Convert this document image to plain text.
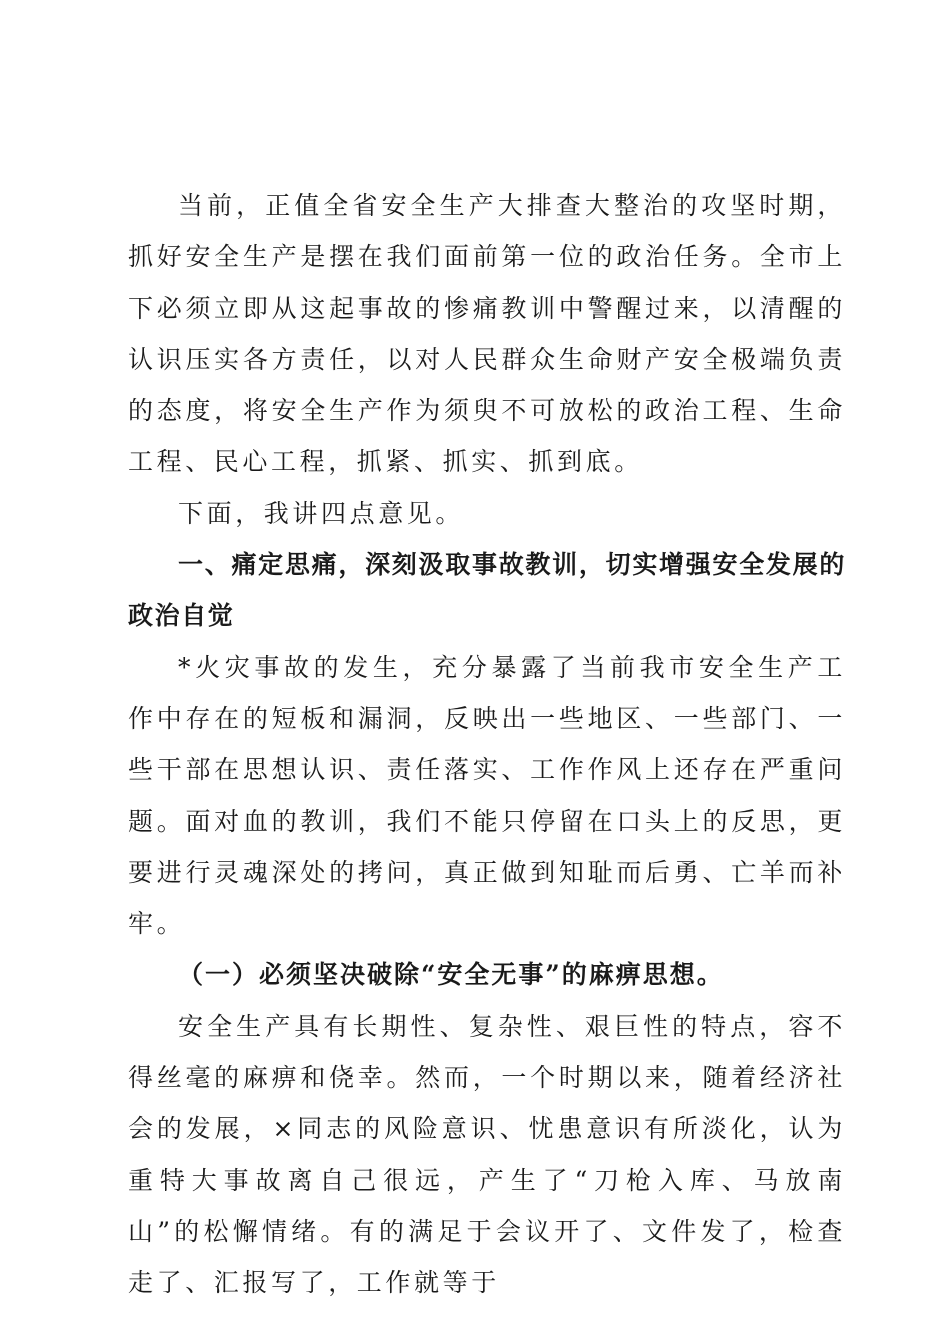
当前，正值全省安全生产大排查大整治的攻坚时期，抓好安全生产是摆在我们面前第一位的政治任务。全市上下必须立即从这起事故的惨痛教训中警醒过来，以清醒的认识压实各方责任，以对人民群众生命财产安全极端负责的态度，将安全生产作为须臾不可放松的政治工程、生命工程、民心工程，抓紧、抓实、抓到底。

下面，我讲四点意见。

一、痛定思痛，深刻汲取事故教训，切实增强安全发展的政治自觉

*火灾事故的发生，充分暴露了当前我市安全生产工作中存在的短板和漏洞，反映出一些地区、一些部门、一些干部在思想认识、责任落实、工作作风上还存在严重问题。面对血的教训，我们不能只停留在口头上的反思，更要进行灵魂深处的拷问，真正做到知耻而后勇、亡羊而补牢。

（一）必须坚决破除“安全无事”的麻痹思想。

安全生产具有长期性、复杂性、艰巨性的特点，容不得丝毫的麻痹和侥幸。然而，一个时期以来，随着经济社会的发展，×同志的风险意识、忧患意识有所淡化，认为重特大事故离自己很远，产生了“刀枪入库、马放南山”的松懈情绪。有的满足于会议开了、文件发了，检查走了、汇报写了，工作就等于
